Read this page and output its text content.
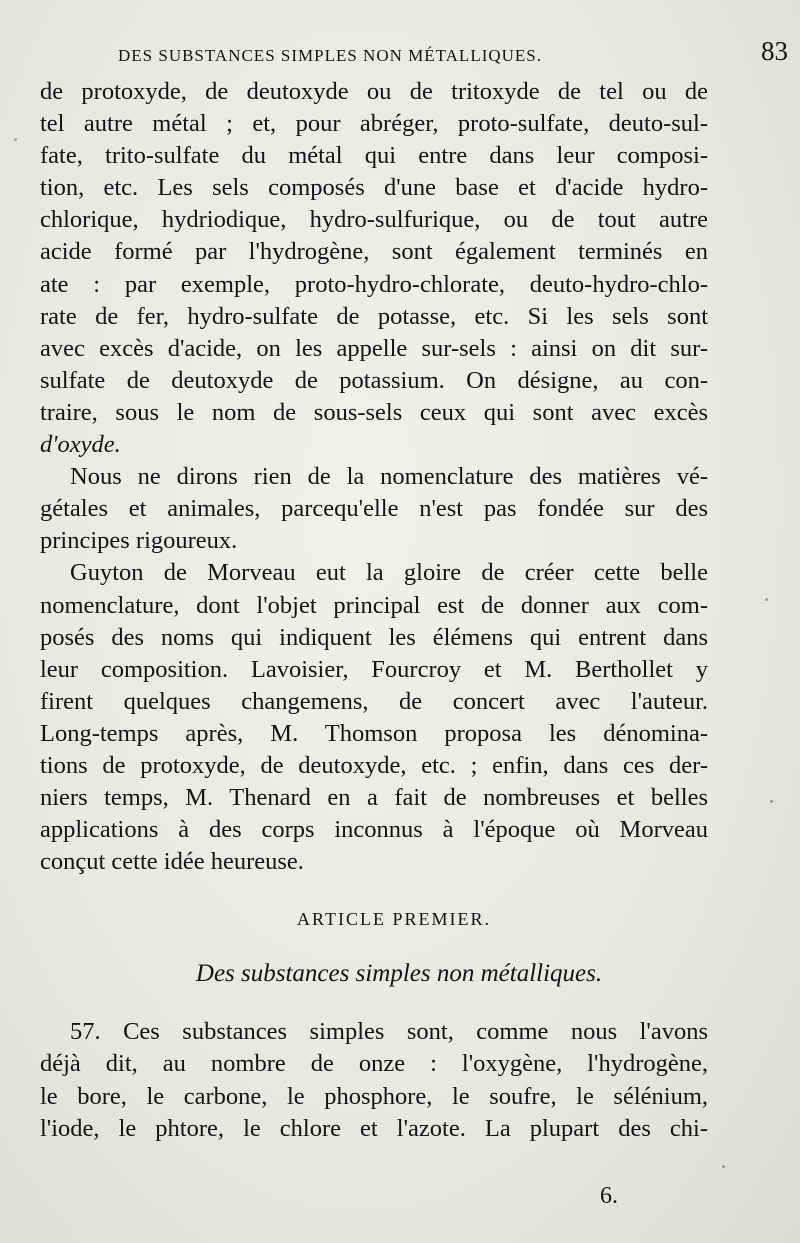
DES SUBSTANCES SIMPLES NON MÉTALLIQUES.	83
de protoxyde, de deutoxyde ou de tritoxyde de tel ou de
tel autre métal ; et, pour abréger, proto-sulfate, deuto-sul-
fate, trito-sulfate du métal qui entre dans leur composi-
tion, etc. Les sels composés d'une base et d'acide hydro-
chlorique, hydriodique, hydro-sulfurique, ou de tout autre
acide formé par l'hydrogène, sont également terminés en
ate : par exemple, proto-hydro-chlorate, deuto-hydro-chlo-
rate de fer, hydro-sulfate de potasse, etc. Si les sels sont
avec excès d'acide, on les appelle sur-sels : ainsi on dit sur-
sulfate de deutoxyde de potassium. On désigne, au con-
traire, sous le nom de sous-sels ceux qui sont avec excès
d'oxyde.
Nous ne dirons rien de la nomenclature des matières vé-
gétales et animales, parcequ'elle n'est pas fondée sur des
principes rigoureux.
Guyton de Morveau eut la gloire de créer cette belle
nomenclature, dont l'objet principal est de donner aux com-
posés des noms qui indiquent les élémens qui entrent dans
leur composition. Lavoisier, Fourcroy et M. Berthollet y
firent quelques changemens, de concert avec l'auteur.
Long-temps après, M. Thomson proposa les dénomina-
tions de protoxyde, de deutoxyde, etc. ; enfin, dans ces der-
niers temps, M. Thenard en a fait de nombreuses et belles
applications à des corps inconnus à l'époque où Morveau
conçut cette idée heureuse.
ARTICLE PREMIER.
Des substances simples non métalliques.
57. Ces substances simples sont, comme nous l'avons
déjà dit, au nombre de onze : l'oxygène, l'hydrogène,
le bore, le carbone, le phosphore, le soufre, le sélénium,
l'iode, le phtore, le chlore et l'azote. La plupart des chi-
6.
